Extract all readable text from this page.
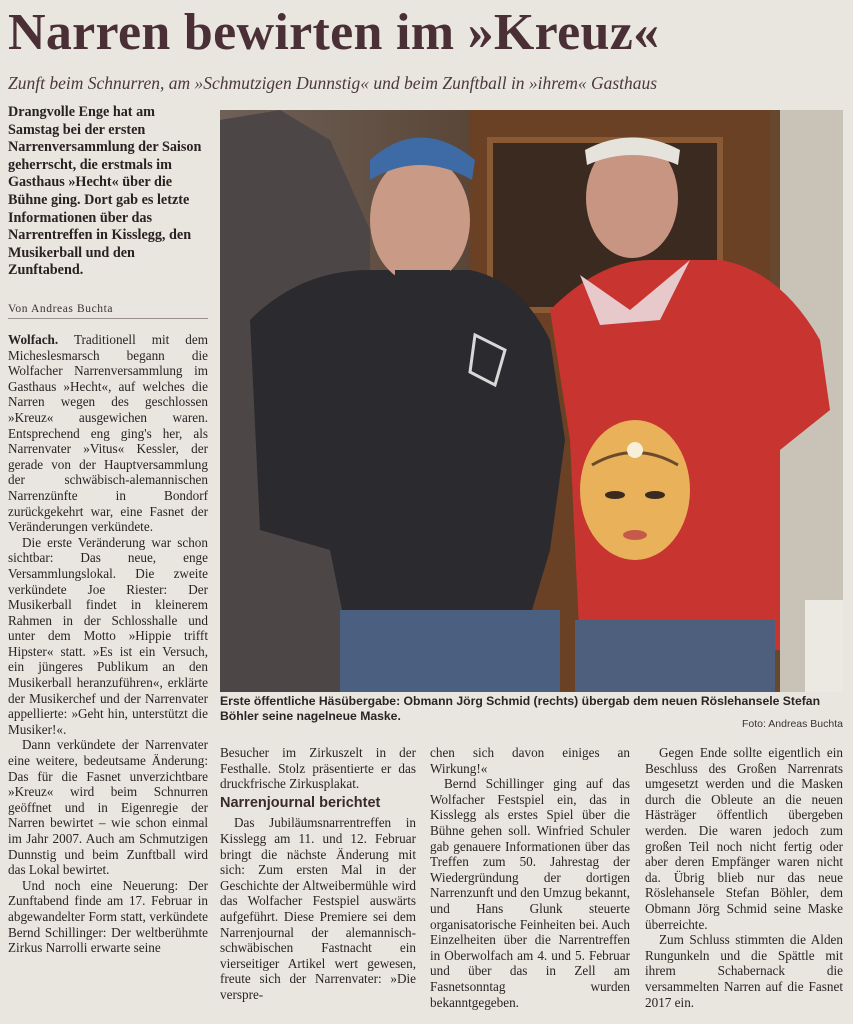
Narren bewirten im »Kreuz«
Zunft beim Schnurren, am »Schmutzigen Dunnstig« und beim Zunftball in »ihrem« Gasthaus
Drangvolle Enge hat am Samstag bei der ersten Narrenversammlung der Saison geherrscht, die erstmals im Gasthaus »Hecht« über die Bühne ging. Dort gab es letzte Informationen über das Narrentreffen in Kisslegg, den Musikerball und den Zunftabend.
Von Andreas Buchta

Wolfach. Traditionell mit dem Micheslesmarsch begann die Wolfacher Narrenversammlung im Gasthaus »Hecht«, auf welches die Narren wegen des geschlossen »Kreuz« ausgewichen waren. Entsprechend eng ging's her, als Narrenvater »Vitus« Kessler, der gerade von der Hauptversammlung der schwäbisch-alemannischen Narrenzünfte in Bondorf zurückgekehrt war, eine Fasnet der Veränderungen verkündete.

Die erste Veränderung war schon sichtbar: Das neue, enge Versammlungslokal. Die zweite verkündete Joe Riester: Der Musikerball findet in kleinerem Rahmen in der Schlosshalle und unter dem Motto »Hippie trifft Hipster« statt. »Es ist ein Versuch, ein jüngeres Publikum an den Musikerball heranzuführen«, erklärte der Musikerchef und der Narrenvater appellierte: »Geht hin, unterstützt die Musiker!«.

Dann verkündete der Narrenvater eine weitere, bedeutsame Änderung: Das für die Fasnet unverzichtbare »Kreuz« wird beim Schnurren geöffnet und in Eigenregie der Narren bewirtet – wie schon einmal im Jahr 2007. Auch am Schmutzigen Dunnstig und beim Zunftball wird das Lokal bewirtet.

Und noch eine Neuerung: Der Zunftabend finde am 17. Februar in abgewandelter Form statt, verkündete Bernd Schillinger: Der weltberühmte Zirkus Narrolli erwarte seine

Erste öffentliche Häsübergabe: Obmann Jörg Schmid (rechts) übergab dem neuen Röslehansele Stefan Böhler seine nagelneue Maske.
Foto: Andreas Buchta

Besucher im Zirkuszelt in der Festhalle. Stolz präsentierte er das druckfrische Zirkusplakat.

Narrenjournal berichtet

Das Jubiläumsnarrentreffen in Kisslegg am 11. und 12. Februar bringt die nächste Änderung mit sich: Zum ersten Mal in der Geschichte der Altweibermühle wird das Wolfacher Festspiel auswärts aufgeführt. Diese Premiere sei dem Narrenjournal der alemannisch-schwäbischen Fastnacht ein vierseitiger Artikel wert gewesen, freute sich der Narrenvater: »Die verspre-

chen sich davon einiges an Wirkung!«

Bernd Schillinger ging auf das Wolfacher Festspiel ein, das in Kisslegg als erstes Spiel über die Bühne gehen soll. Winfried Schuler gab genauere Informationen über das Treffen zum 50. Jahrestag der Wiedergründung der dortigen Narrenzunft und den Umzug bekannt, und Hans Glunk steuerte organisatorische Feinheiten bei. Auch Einzelheiten über die Narrentreffen in Oberwolfach am 4. und 5. Februar und über das in Zell am Fasnetsonntag wurden bekanntgegeben.

Gegen Ende sollte eigentlich ein Beschluss des Großen Narrenrats umgesetzt werden und die Masken durch die Obleute an die neuen Hästräger öffentlich übergeben werden. Die waren jedoch zum großen Teil noch nicht fertig oder aber deren Empfänger waren nicht da. Übrig blieb nur das neue Röslehansele Stefan Böhler, dem Obmann Jörg Schmid seine Maske überreichte.

Zum Schluss stimmten die Alden Rungunkeln und die Spättle mit ihrem Schabernack die versammelten Narren auf die Fasnet 2017 ein.
